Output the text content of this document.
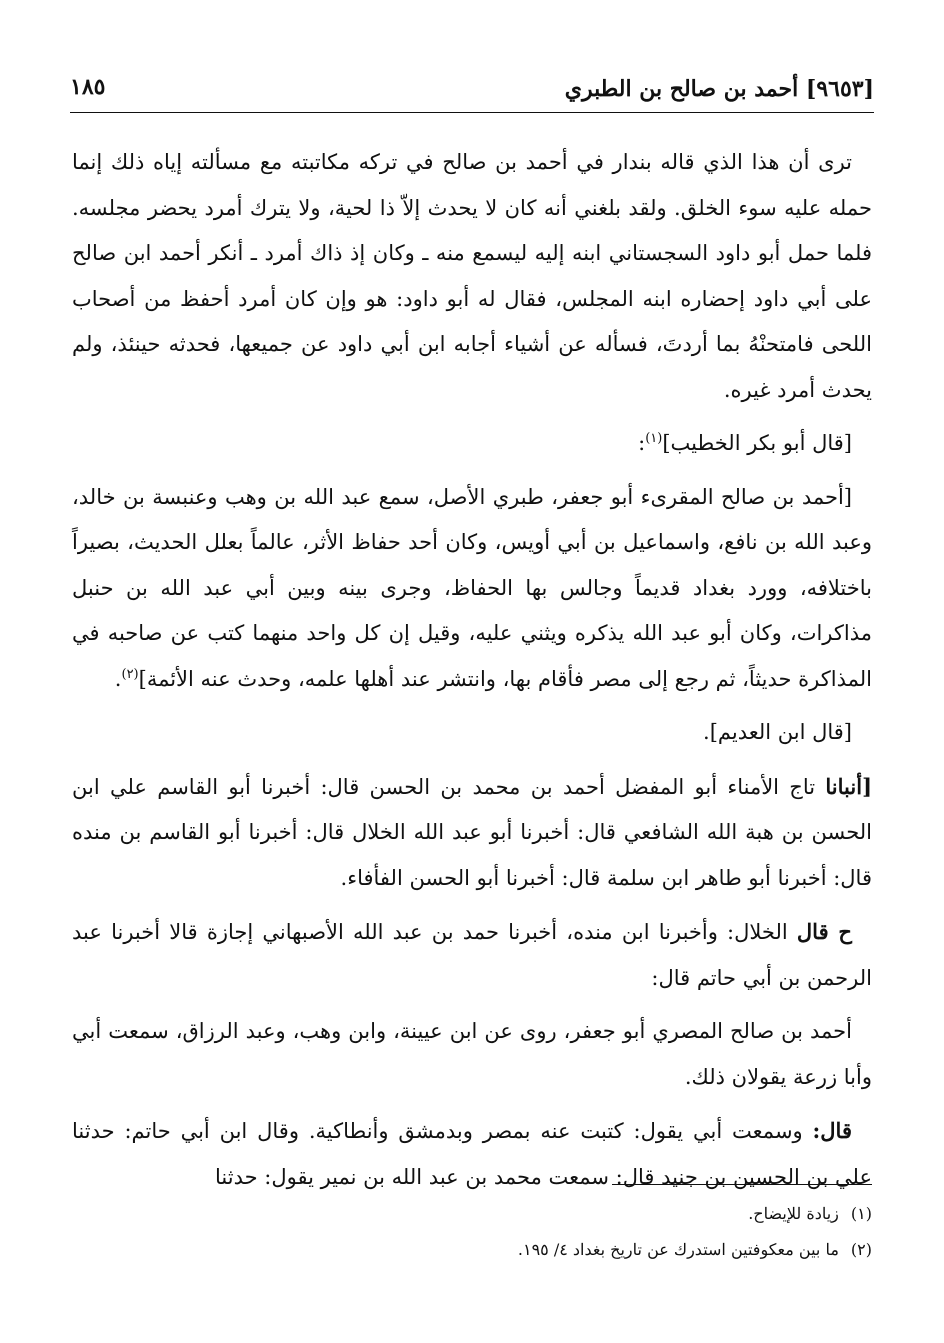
[٩٦٥٣] أحمد بن صالح بن الطبري
١٨٥

ترى أن هذا الذي قاله بندار في أحمد بن صالح في تركه مكاتبته مع مسألته إياه ذلك إنما حمله عليه سوء الخلق. ولقد بلغني أنه كان لا يحدث إلاّ ذا لحية، ولا يترك أمرد يحضر مجلسه. فلما حمل أبو داود السجستاني ابنه إليه ليسمع منه ـ وكان إذ ذاك أمرد ـ أنكر أحمد ابن صالح على أبي داود إحضاره ابنه المجلس، فقال له أبو داود: هو وإن كان أمرد أحفظ من أصحاب اللحى فامتحنْهُ بما أردتَ، فسأله عن أشياء أجابه ابن أبي داود عن جميعها، فحدثه حينئذ، ولم يحدث أمرد غيره.

[قال أبو بكر الخطيب]$^{(١)}$:

[أحمد بن صالح المقرىء أبو جعفر، طبري الأصل، سمع عبد الله بن وهب وعنبسة بن خالد، وعبد الله بن نافع، واسماعيل بن أبي أويس، وكان أحد حفاظ الأثر، عالماً بعلل الحديث، بصيراً باختلافه، وورد بغداد قديماً وجالس بها الحفاظ، وجرى بينه وبين أبي عبد الله بن حنبل مذاكرات، وكان أبو عبد الله يذكره ويثني عليه، وقيل إن كل واحد منهما كتب عن صاحبه في المذاكرة حديثاً، ثم رجع إلى مصر فأقام بها، وانتشر عند أهلها علمه، وحدث عنه الأئمة]$^{(٢)}$.

[قال ابن العديم].

[أنبانا تاج الأمناء أبو المفضل أحمد بن محمد بن الحسن قال: أخبرنا أبو القاسم علي ابن الحسن بن هبة الله الشافعي قال: أخبرنا أبو عبد الله الخلال قال: أخبرنا أبو القاسم بن منده قال: أخبرنا أبو طاهر ابن سلمة قال: أخبرنا أبو الحسن الفأفاء.

ح قال الخلال: وأخبرنا ابن منده، أخبرنا حمد بن عبد الله الأصبهاني إجازة قالا أخبرنا عبد الرحمن بن أبي حاتم قال:

أحمد بن صالح المصري أبو جعفر، روى عن ابن عيينة، وابن وهب، وعبد الرزاق، سمعت أبي وأبا زرعة يقولان ذلك.

قال: وسمعت أبي يقول: كتبت عنه بمصر وبدمشق وأنطاكية. وقال ابن أبي حاتم: حدثنا علي بن الحسين بن جنيد قال: سمعت محمد بن عبد الله بن نمير يقول: حدثنا

(١)زيادة للإيضاح.
(٢)ما بين معكوفتين استدرك عن تاريخ بغداد ٤/ ١٩٥.
